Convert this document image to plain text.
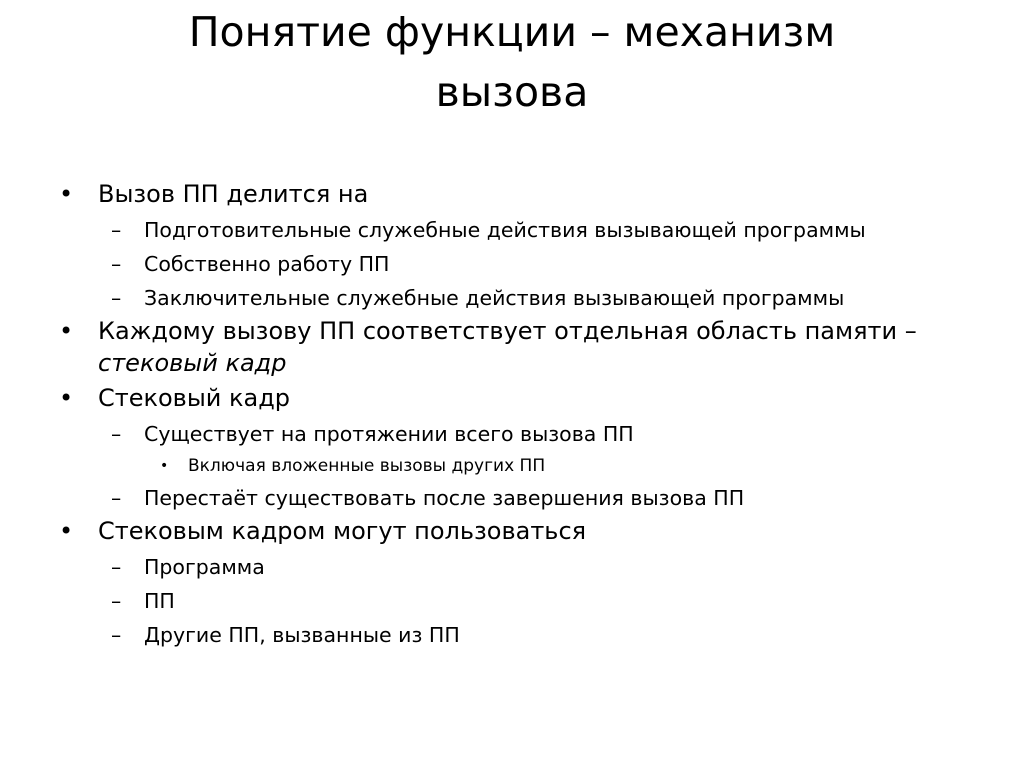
Понятие функции – механизм
вызова
• Вызов ПП делится на
– Подготовительные служебные действия вызывающей программы
– Собственно работу ПП
– Заключительные служебные действия вызывающей программы
• Каждому вызову ПП соответствует отдельная область памяти – стековый кадр
• Стековый кадр
– Существует на протяжении всего вызова ПП
• Включая вложенные вызовы других ПП
– Перестаёт существовать после завершения вызова ПП
• Стековым кадром могут пользоваться
– Программа
– ПП
– Другие ПП, вызванные из ПП
